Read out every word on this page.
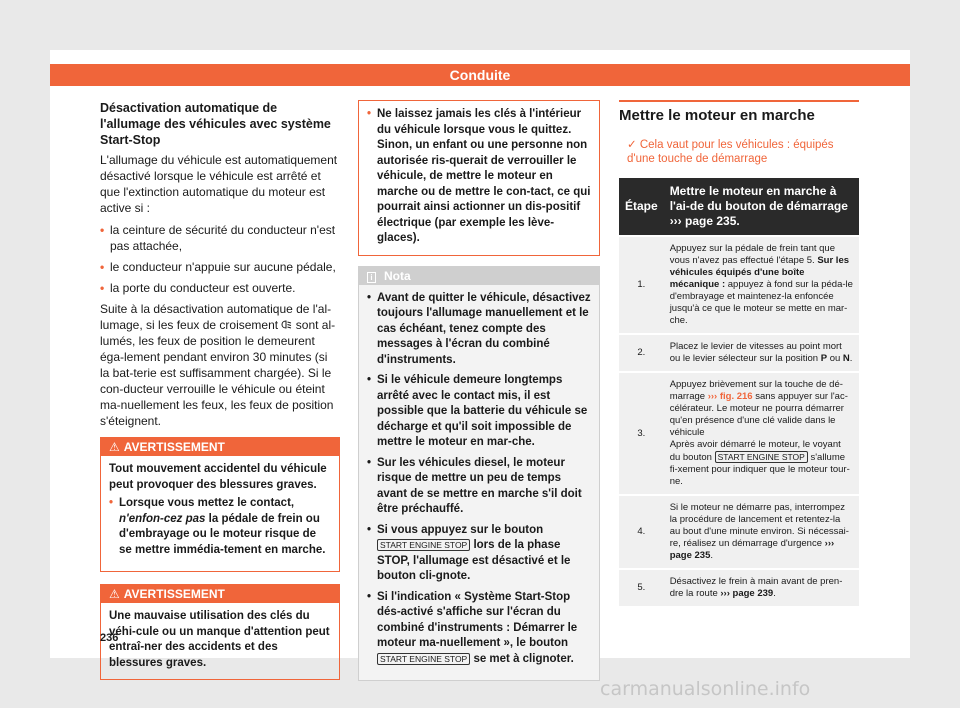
Conduite
Désactivation automatique de l'allumage des véhicules avec système Start-Stop

L'allumage du véhicule est automatiquement désactivé lorsque le véhicule est arrêté et que l'extinction automatique du moteur est active si :

• la ceinture de sécurité du conducteur n'est pas attachée,
• le conducteur n'appuie sur aucune pédale,
• la porte du conducteur est ouverte.

Suite à la désactivation automatique de l'al-lumage, si les feux de croisement sont al-lumés, les feux de position le demeurent éga-lement pendant environ 30 minutes (si la bat-terie est suffisamment chargée). Si le con-ducteur verrouille le véhicule ou éteint ma-nuellement les feux, les feux de position s'éteignent.

⚠ AVERTISSEMENT

Tout mouvement accidentel du véhicule peut provoquer des blessures graves.

• Lorsque vous mettez le contact, n'enfon-cez pas la pédale de frein ou d'embrayage ou le moteur risque de se mettre immédia-tement en marche.
⚠ AVERTISSEMENT
Une mauvaise utilisation des clés du véhi-cule ou un manque d'attention peut entraî-ner des accidents et des blessures graves.
• Ne laissez jamais les clés à l'intérieur du véhicule lorsque vous le quittez. Sinon, un enfant ou une personne non autorisée ris-querait de verrouiller le véhicule, de mettre le moteur en marche ou de mettre le con-tact, ce qui pourrait ainsi actionner un dis-positif électrique (par exemple les lève-glaces).
i Nota
• Avant de quitter le véhicule, désactivez toujours l'allumage manuellement et le cas échéant, tenez compte des messages à l'écran du combiné d'instruments.
• Si le véhicule demeure longtemps arrêté avec le contact mis, il est possible que la batterie du véhicule se décharge et qu'il soit impossible de mettre le moteur en mar-che.
• Sur les véhicules diesel, le moteur risque de mettre un peu de temps avant de se mettre en marche s'il doit être préchauffé.
• Si vous appuyez sur le bouton START ENGINE STOP lors de la phase STOP, l'allumage est désactivé et le bouton cli-gnote.
• Si l'indication « Système Start-Stop dés-activé s'affiche sur l'écran du combiné d'instruments : Démarrer le moteur ma-nuellement », le bouton START ENGINE STOP se met à clignoter.
Mettre le moteur en marche
✓ Cela vaut pour les véhicules : équipés d'une touche de démarrage
Étape	Mettre le moteur en marche à l'ai-de du bouton de démarrage ››› page 235.
1.	Appuyez sur la pédale de frein tant que vous n'avez pas effectué l'étape 5. Sur les véhicules équipés d'une boîte mécanique : appuyez à fond sur la péda-le d'embrayage et maintenez-la enfoncée jusqu'à ce que le moteur se mette en mar-che.
2.	Placez le levier de vitesses au point mort ou le levier sélecteur sur la position P ou N.
3.	Appuyez brièvement sur la touche de dé-marrage ››› fig. 216 sans appuyer sur l'ac-célérateur. Le moteur ne pourra démarrer qu'en présence d'une clé valide dans le véhicule
Après avoir démarré le moteur, le voyant du bouton START ENGINE STOP s'allume fi-xement pour indiquer que le moteur tour-ne.
4.	Si le moteur ne démarre pas, interrompez la procédure de lancement et retentez-la au bout d'une minute environ. Si nécessai-re, réalisez un démarrage d'urgence ››› page 235.
5.	Désactivez le frein à main avant de pren-dre la route ››› page 239.
236
carmanualsonline.info
